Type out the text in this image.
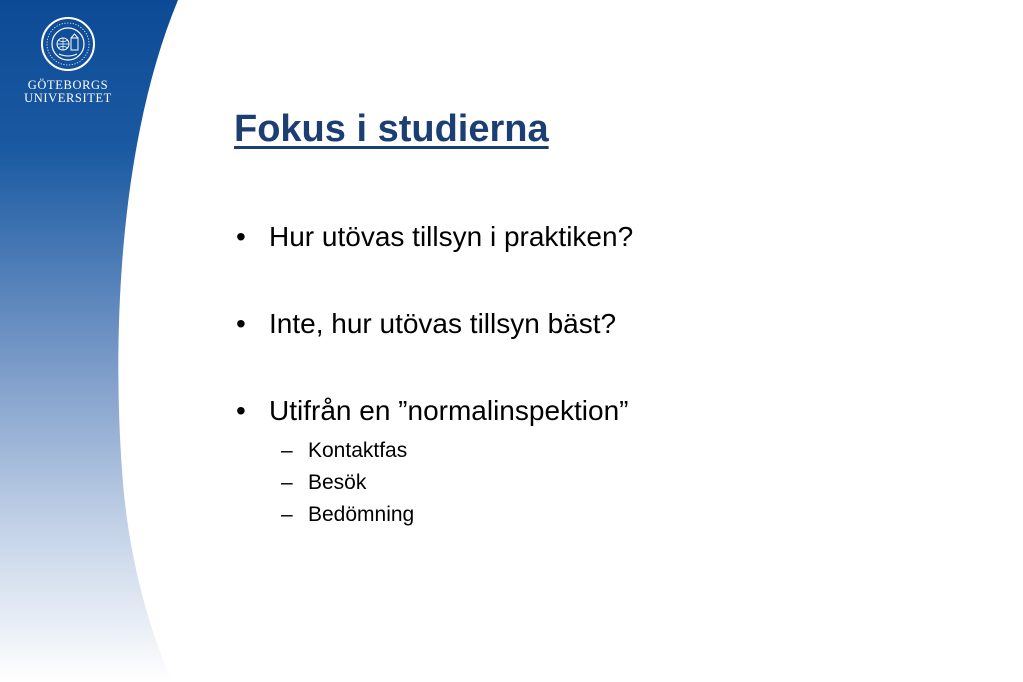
GÖTEBORGS
UNIVERSITET
Fokus i studierna
• Hur utövas tillsyn i praktiken?
• Inte, hur utövas tillsyn bäst?
• Utifrån en ”normalinspektion”
– Kontaktfas
– Besök
– Bedömning
